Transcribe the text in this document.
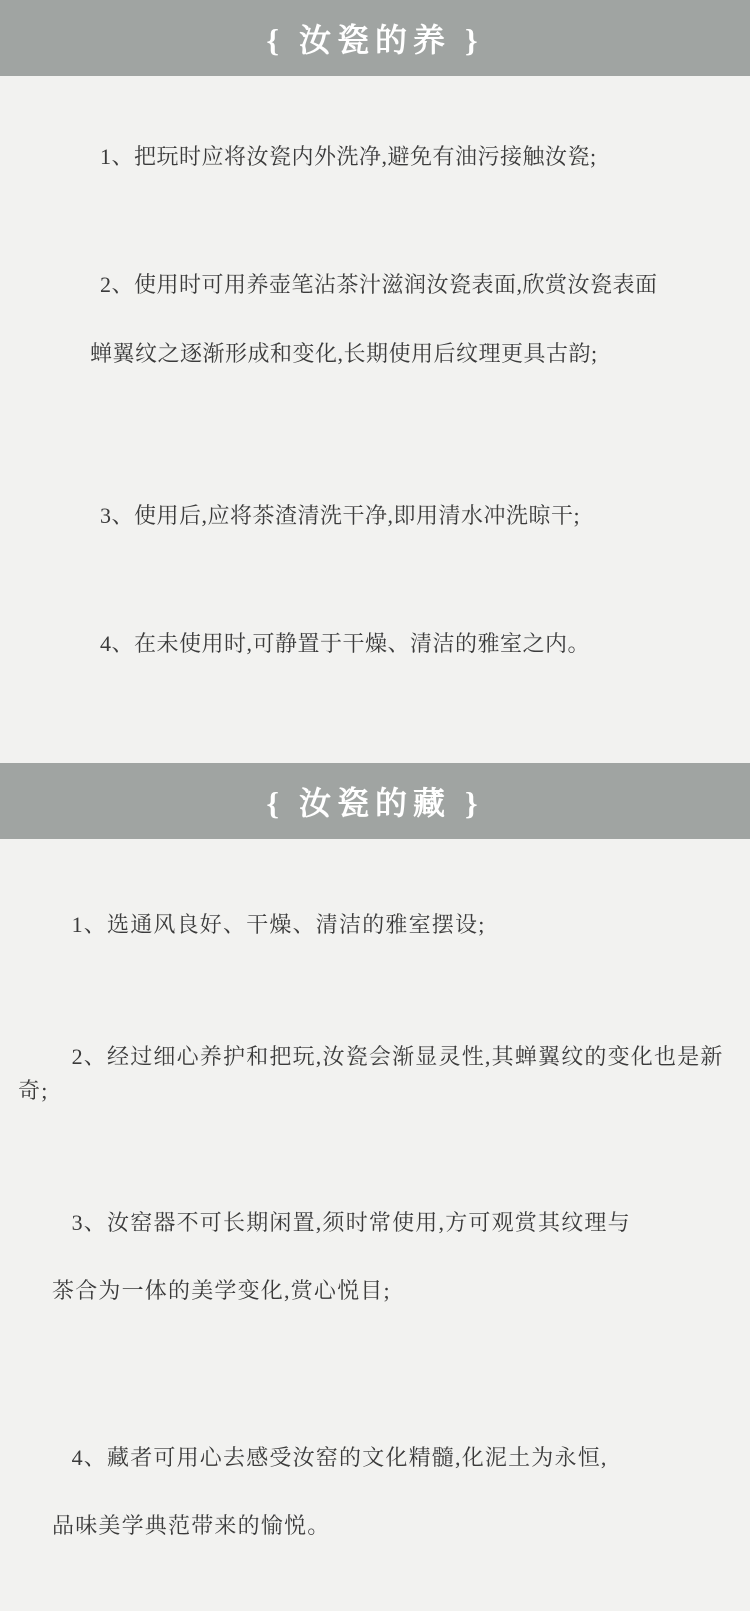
{ 汝瓷的养 }

1、把玩时应将汝瓷内外洗净,避免有油污接触汝瓷;

2、使用时可用养壶笔沾茶汁滋润汝瓷表面,欣赏汝瓷表面

蝉翼纹之逐渐形成和变化,长期使用后纹理更具古韵;

3、使用后,应将茶渣清洗干净,即用清水冲洗晾干;

4、在未使用时,可静置于干燥、清洁的雅室之内。

{ 汝瓷的藏 }

1、选通风良好、干燥、清洁的雅室摆设;

2、经过细心养护和把玩,汝瓷会渐显灵性,其蝉翼纹的变化也是新奇;

3、汝窑器不可长期闲置,须时常使用,方可观赏其纹理与

茶合为一体的美学变化,赏心悦目;

4、藏者可用心去感受汝窑的文化精髓,化泥土为永恒,

品味美学典范带来的愉悦。
